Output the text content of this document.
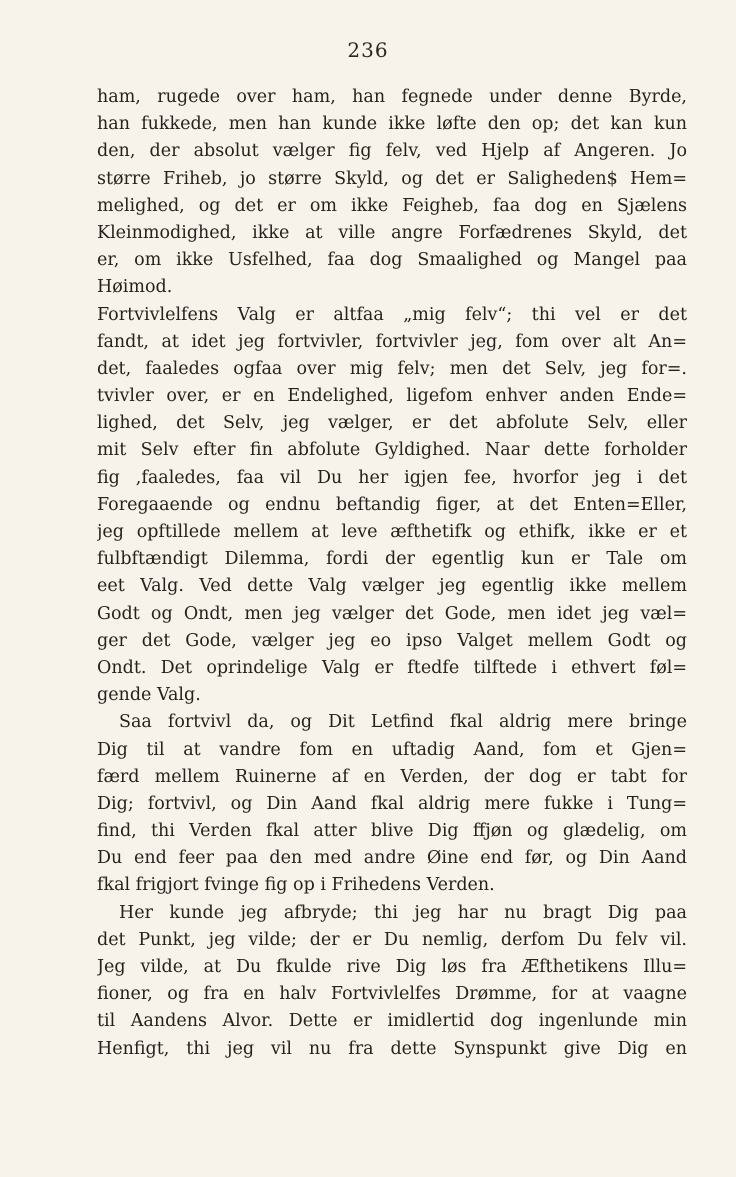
236
ham, rugede over ham, han fegnede under denne Byrde,
han fukkede, men han kunde ikke løfte den op; det kan kun
den, der absolut vælger fig felv, ved Hjelp af Angeren. Jo
større Friheb, jo større Skyld, og det er Saligheden$ Hem=
melighed, og det er om ikke Feigheb, faa dog en Sjælens
Kleinmodighed, ikke at ville angre Forfædrenes Skyld, det
er, om ikke Usfelhed, faa dog Smaalighed og Mangel paa
Høimod.
Fortvivlelfens Valg er altfaa „mig felv“; thi vel er det
fandt, at idet jeg fortvivler, fortvivler jeg, fom over alt An=
det, faaledes ogfaa over mig felv; men det Selv, jeg for=.
tvivler over, er en Endelighed, ligefom enhver anden Ende=
lighed, det Selv, jeg vælger, er det abfolute Selv, eller
mit Selv efter fin abfolute Gyldighed. Naar dette forholder
fig ,faaledes, faa vil Du her igjen fee, hvorfor jeg i det
Foregaaende og endnu beftandig figer, at det Enten=Eller,
jeg opftillede mellem at leve æfthetifk og ethifk, ikke er et
fulbftændigt Dilemma, fordi der egentlig kun er Tale om
eet Valg. Ved dette Valg vælger jeg egentlig ikke mellem
Godt og Ondt, men jeg vælger det Gode, men idet jeg væl=
ger det Gode, vælger jeg eo ipso Valget mellem Godt og
Ondt. Det oprindelige Valg er ftedfe tilftede i ethvert føl=
gende Valg.
Saa fortvivl da, og Dit Letfind fkal aldrig mere bringe
Dig til at vandre fom en uftadig Aand, fom et Gjen=
færd mellem Ruinerne af en Verden, der dog er tabt for
Dig; fortvivl, og Din Aand fkal aldrig mere fukke i Tung=
find, thi Verden fkal atter blive Dig ffjøn og glædelig, om
Du end feer paa den med andre Øine end før, og Din Aand
fkal frigjort fvinge fig op i Frihedens Verden.
Her kunde jeg afbryde; thi jeg har nu bragt Dig paa
det Punkt, jeg vilde; der er Du nemlig, derfom Du felv vil.
Jeg vilde, at Du fkulde rive Dig løs fra Æfthetikens Illu=
fioner, og fra en halv Fortvivlelfes Drømme, for at vaagne
til Aandens Alvor. Dette er imidlertid dog ingenlunde min
Henfigt, thi jeg vil nu fra dette Synspunkt give Dig en
